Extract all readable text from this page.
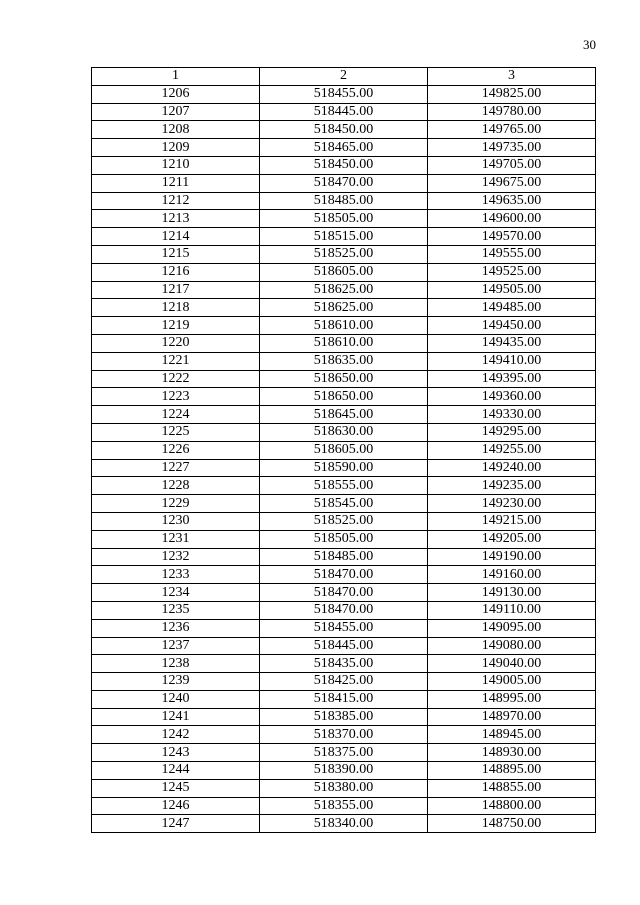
30
1	2	3
1206	518455.00	149825.00
1207	518445.00	149780.00
1208	518450.00	149765.00
1209	518465.00	149735.00
1210	518450.00	149705.00
1211	518470.00	149675.00
1212	518485.00	149635.00
1213	518505.00	149600.00
1214	518515.00	149570.00
1215	518525.00	149555.00
1216	518605.00	149525.00
1217	518625.00	149505.00
1218	518625.00	149485.00
1219	518610.00	149450.00
1220	518610.00	149435.00
1221	518635.00	149410.00
1222	518650.00	149395.00
1223	518650.00	149360.00
1224	518645.00	149330.00
1225	518630.00	149295.00
1226	518605.00	149255.00
1227	518590.00	149240.00
1228	518555.00	149235.00
1229	518545.00	149230.00
1230	518525.00	149215.00
1231	518505.00	149205.00
1232	518485.00	149190.00
1233	518470.00	149160.00
1234	518470.00	149130.00
1235	518470.00	149110.00
1236	518455.00	149095.00
1237	518445.00	149080.00
1238	518435.00	149040.00
1239	518425.00	149005.00
1240	518415.00	148995.00
1241	518385.00	148970.00
1242	518370.00	148945.00
1243	518375.00	148930.00
1244	518390.00	148895.00
1245	518380.00	148855.00
1246	518355.00	148800.00
1247	518340.00	148750.00
